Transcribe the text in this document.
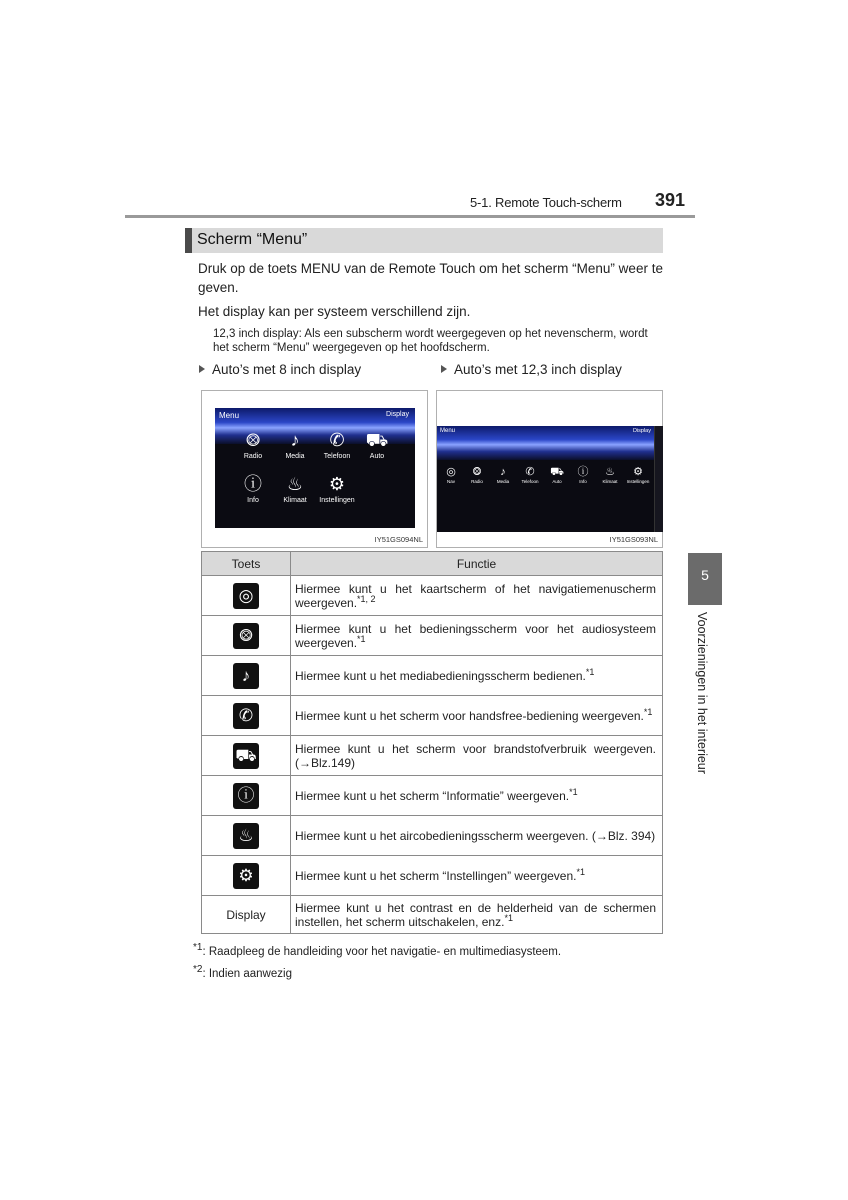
5-1. Remote Touch-scherm 391
Scherm “Menu”
Druk op de toets MENU van de Remote Touch om het scherm “Menu” weer te geven.
Het display kan per systeem verschillend zijn.
12,3 inch display: Als een subscherm wordt weergegeven op het nevenscherm, wordt het scherm “Menu” weergegeven op het hoofdscherm.
Auto’s met 8 inch display	Auto’s met 12,3 inch display
Menu	Display
⨷
Radio
♪
Media
✆
Telefoon
⛟
Auto
ⓘ
Info
♨
Klimaat
⚙
Instellingen
IY51GS094NL
Menu	Display
◎
Nav
⨷
Radio
♪
Media
✆
Telefoon
⛟
Auto
ⓘ
Info
♨
Klimaat
⚙
Instellingen
IY51GS093NL
Toets	Functie
◎	Hiermee kunt u het kaartscherm of het navigatiemenuscherm weergeven.$^{*1, 2}$
⨷	Hiermee kunt u het bedieningsscherm voor het audiosysteem weergeven.$^{*1}$
♪	Hiermee kunt u het mediabedieningsscherm bedienen.$^{*1}$
✆	Hiermee kunt u het scherm voor handsfree-bediening weergeven.$^{*1}$
⛟	Hiermee kunt u het scherm voor brandstofverbruik weergeven. (→Blz.149)
ⓘ	Hiermee kunt u het scherm “Informatie” weergeven.$^{*1}$
♨	Hiermee kunt u het aircobedieningsscherm weergeven. (→Blz. 394)
⚙	Hiermee kunt u het scherm “Instellingen” weergeven.$^{*1}$
Display	Hiermee kunt u het contrast en de helderheid van de schermen instellen, het scherm uitschakelen, enz.$^{*1}$
*1: Raadpleeg de handleiding voor het navigatie- en multimediasysteem.
*2: Indien aanwezig
5
Voorzieningen in het interieur
